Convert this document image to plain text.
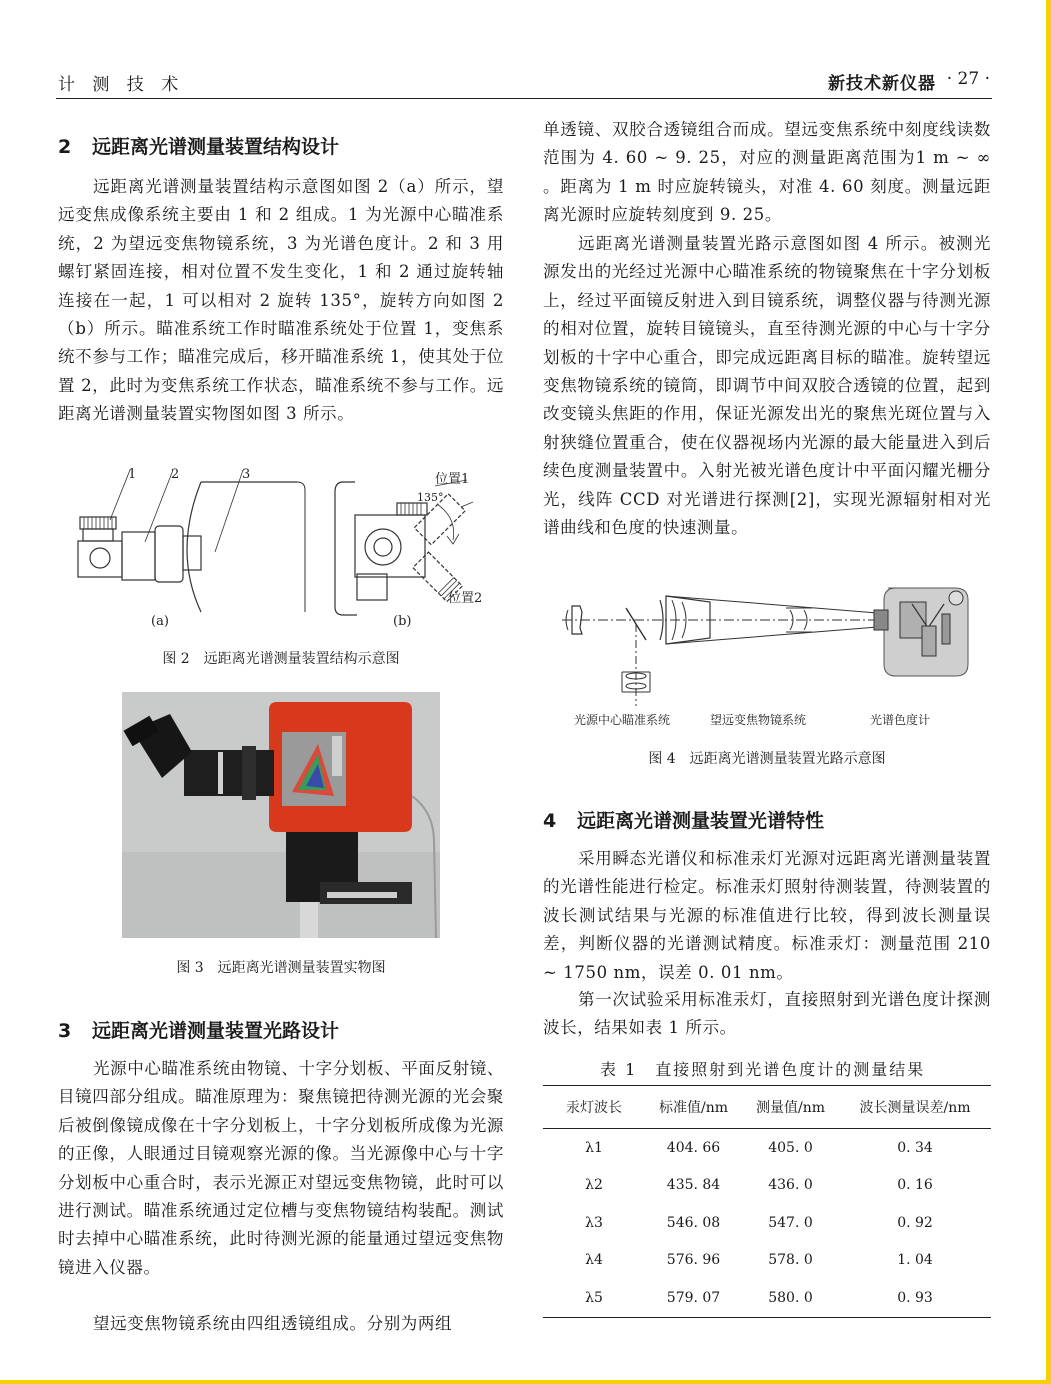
计 测 技 术	新技术新仪器 · 27 ·
2 远距离光谱测量装置结构设计
远距离光谱测量装置结构示意图如图 2（a）所示，望远变焦成像系统主要由 1 和 2 组成。1 为光源中心瞄准系统，2 为望远变焦物镜系统，3 为光谱色度计。2 和 3 用螺钉紧固连接，相对位置不发生变化，1 和 2 通过旋转轴连接在一起，1 可以相对 2 旋转 135°，旋转方向如图 2（b）所示。瞄准系统工作时瞄准系统处于位置 1，变焦系统不参与工作；瞄准完成后，移开瞄准系统 1，使其处于位置 2，此时为变焦系统工作状态，瞄准系统不参与工作。远距离光谱测量装置实物图如图 3 所示。
1	2	3
(a)	(b)
位置1
135°
位置2
图 2　远距离光谱测量装置结构示意图
图 3　远距离光谱测量装置实物图
3 远距离光谱测量装置光路设计
光源中心瞄准系统由物镜、十字分划板、平面反射镜、目镜四部分组成。瞄准原理为：聚焦镜把待测光源的光会聚后被倒像镜成像在十字分划板上，十字分划板所成像为光源的正像，人眼通过目镜观察光源的像。当光源像中心与十字分划板中心重合时，表示光源正对望远变焦物镜，此时可以进行测试。瞄准系统通过定位槽与变焦物镜结构装配。测试时去掉中心瞄准系统，此时待测光源的能量通过望远变焦物镜进入仪器。
望远变焦物镜系统由四组透镜组成。分别为两组
单透镜、双胶合透镜组合而成。望远变焦系统中刻度线读数范围为 4. 60 ~ 9. 25，对应的测量距离范围为1 m ~ ∞ 。距离为 1 m 时应旋转镜头，对准 4. 60 刻度。测量远距离光源时应旋转刻度到 9. 25。
远距离光谱测量装置光路示意图如图 4 所示。被测光源发出的光经过光源中心瞄准系统的物镜聚焦在十字分划板上，经过平面镜反射进入到目镜系统，调整仪器与待测光源的相对位置，旋转目镜镜头，直至待测光源的中心与十字分划板的十字中心重合，即完成远距离目标的瞄准。旋转望远变焦物镜系统的镜筒，即调节中间双胶合透镜的位置，起到改变镜头焦距的作用，保证光源发出光的聚焦光斑位置与入射狭缝位置重合，使在仪器视场内光源的最大能量进入到后续色度测量装置中。入射光被光谱色度计中平面闪耀光栅分光，线阵 CCD 对光谱进行探测[2]，实现光源辐射相对光谱曲线和色度的快速测量。
光源中心瞄准系统	望远变焦物镜系统	光谱色度计
图 4　远距离光谱测量装置光路示意图
4 远距离光谱测量装置光谱特性
采用瞬态光谱仪和标准汞灯光源对远距离光谱测量装置的光谱性能进行检定。标准汞灯照射待测装置，待测装置的波长测试结果与光源的标准值进行比较，得到波长测量误差，判断仪器的光谱测试精度。标准汞灯：测量范围 210 ~ 1750 nm，误差 0. 01 nm。
第一次试验采用标准汞灯，直接照射到光谱色度计探测波长，结果如表 1 所示。
表 1　直接照射到光谱色度计的测量结果
汞灯波长	标准值/nm	测量值/nm	波长测量误差/nm
λ1	404. 66	405. 0	0. 34
λ2	435. 84	436. 0	0. 16
λ3	546. 08	547. 0	0. 92
λ4	576. 96	578. 0	1. 04
λ5	579. 07	580. 0	0. 93
